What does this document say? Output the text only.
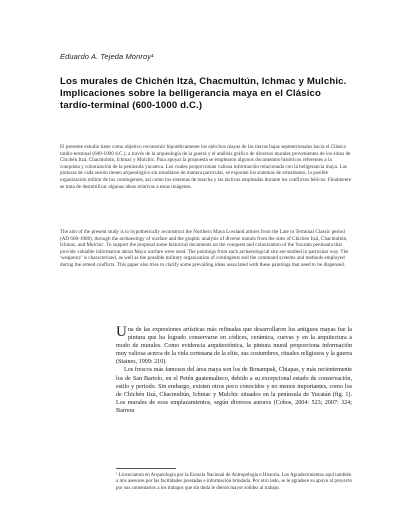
Eduardo A. Tejeda Monroy¹
Los murales de Chichén Itzá, Chacmultún, Ichmac y Mulchic. Implicaciones sobre la belligerancia maya en el Clásico tardío-terminal (600-1000 d.C.)
El presente estudio tiene como objetivo reconstruir hipotéticamente los ejércitos mayas de las tierras bajas septentrionales hacia el Clásico tardío-terminal (600-1000 d.C.), a través de la arqueología de la guerra y el análisis gráfico de diversos murales provenientes de los sitios de Chichén Itzá, Chacmultún, Ichmac y Mulchic. Para apoyar la propuesta se emplearon algunos documentos históricos referentes a la conquista y colonización de la península yucateca. Los cuales proporcionan valiosa información relacionada con la beligerancia maya. Las pinturas de cada sesión tienen arqueológico sin estudiarse de manera particular, se exponen los sistemas de armamento, la posible organización militar de los contingentes, así como los sistemas de marcha y las tácticas empleadas durante los conflictos bélicos. Finalmente se trata de desmitificar algunas ideas relativas a estas imágenes.
The aim of the present study is to hypothetically reconstruct the Northern Maya Lowland armies from the Late to Terminal Classic period (AD 600-1000), through the archaeology of warfare and the graphic analysis of diverse murals from the sites of Chichén Itzá, Chacmultún, Ichmac, and Mulchic. To support the proposal some historical documents on the conquest and colonization of the Yucatán peninsula that provide valuable information about Maya warfare were used. The paintings from each archaeological site are studied in particular way. The 'weaponry' is characterized, as well as the possible military organization of contingents and the command systems and methods employed during the armed conflicts. This paper also tries to clarify some prevailing ideas associated with these paintings that need to be dispensed.

Una de las expresiones artísticas más refinadas que desarrollaron los antiguos mayas fue la pintura que ha logrado conservarse en códices, cerámica, cuevas y en la arquitectura a modo de murales. Como evidencia arquitectónica, la pintura mural proporciona información muy valiosa acerca de la vida cortesana de la elite, sus costumbres, rituales religiosos y la guerra (Staines, 1999: 210).

Los frescos más famosos del área maya son los de Bonampak, Chiapas, y más recientemente los de San Bartolo, en el Petén guatemalteco, debido a su excepcional estado de conservación, estilo y periodo. Sin embargo, existen otros poco conocidos y no menos importantes, como los de Chichén Itzá, Chacmultún, Ichmac y Mulchic situados en la península de Yucatán (fig. 1). Los murales de esos emplazamientos, según diversos autores (Cobos, 2004: 523; 2007: 324; Barrera

¹ Licenciatura en Arqueología por la Escuela Nacional de Antropología e Historia. Los Agradecimientos aquí también a mis asesores por las facilidades prestadas e información brindada. Por otro lado, se le agradece su apoyo al proyecto por sus comentarios a los trabajos que sin duda le dieron mayor solidez al trabajo.
